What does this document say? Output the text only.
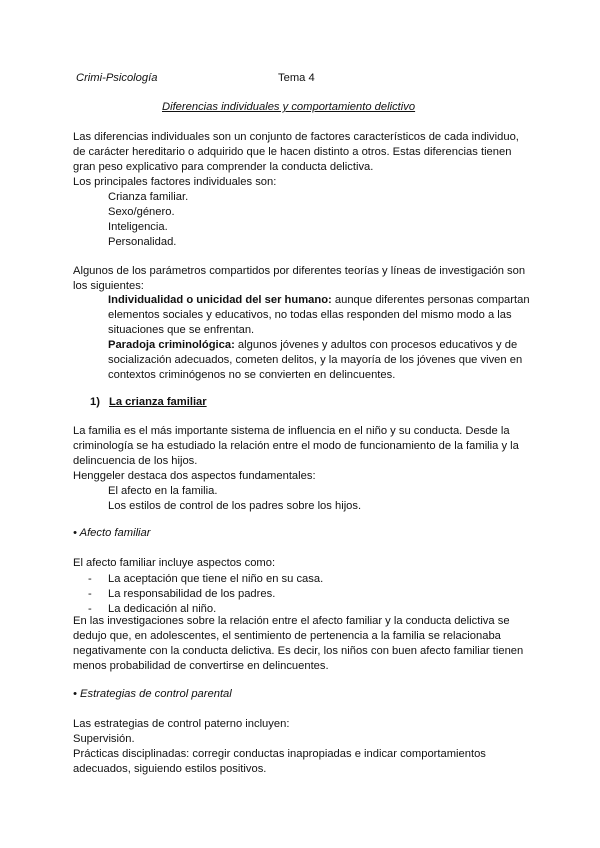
Crimi-Psicología	Tema 4
Diferencias individuales y comportamiento delictivo
Las diferencias individuales son un conjunto de factores característicos de cada individuo,
de carácter hereditario o adquirido que le hacen distinto a otros. Estas diferencias tienen
gran peso explicativo para comprender la conducta delictiva.
Los principales factores individuales son:
Crianza familiar.
Sexo/género.
Inteligencia.
Personalidad.
Algunos de los parámetros compartidos por diferentes teorías y líneas de investigación son
los siguientes:
Individualidad o unicidad del ser humano: aunque diferentes personas compartan
elementos sociales y educativos, no todas ellas responden del mismo modo a las
situaciones que se enfrentan.
Paradoja criminológica: algunos jóvenes y adultos con procesos educativos y de
socialización adecuados, cometen delitos, y la mayoría de los jóvenes que viven en
contextos criminógenos no se convierten en delincuentes.
1) La crianza familiar
La familia es el más importante sistema de influencia en el niño y su conducta. Desde la
criminología se ha estudiado la relación entre el modo de funcionamiento de la familia y la
delincuencia de los hijos.
Henggeler destaca dos aspectos fundamentales:
El afecto en la familia.
Los estilos de control de los padres sobre los hijos.
• Afecto familiar
El afecto familiar incluye aspectos como:
- La aceptación que tiene el niño en su casa.
- La responsabilidad de los padres.
- La dedicación al niño.
En las investigaciones sobre la relación entre el afecto familiar y la conducta delictiva se
dedujo que, en adolescentes, el sentimiento de pertenencia a la familia se relacionaba
negativamente con la conducta delictiva. Es decir, los niños con buen afecto familiar tienen
menos probabilidad de convertirse en delincuentes.
• Estrategias de control parental
Las estrategias de control paterno incluyen:
Supervisión.
Prácticas disciplinadas: corregir conductas inapropiadas e indicar comportamientos
adecuados, siguiendo estilos positivos.
